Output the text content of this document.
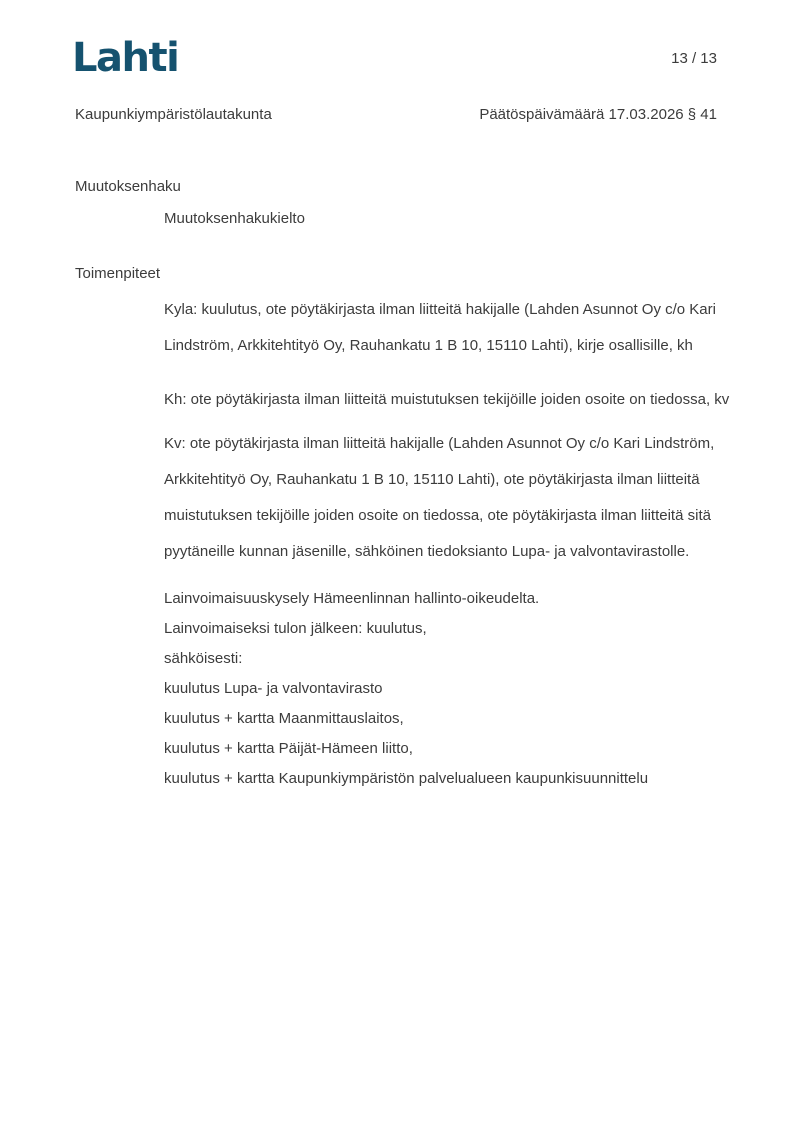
Lahti	13 / 13
Kaupunkiympäristölautakunta	Päätöspäivämäärä 17.03.2026 § 41
Muutoksenhaku
Muutoksenhakukielto
Toimenpiteet

Kyla: kuulutus, ote pöytäkirjasta ilman liitteitä hakijalle (Lahden Asunnot Oy c/o Kari Lindström, Arkkitehtityö Oy, Rauhankatu 1 B 10, 15110 Lahti), kirje osallisille, kh

Kh: ote pöytäkirjasta ilman liitteitä muistutuksen tekijöille joiden osoite on tiedossa, kv

Kv: ote pöytäkirjasta ilman liitteitä hakijalle (Lahden Asunnot Oy c/o Kari Lindström, Arkkitehtityö Oy, Rauhankatu 1 B 10, 15110 Lahti), ote pöytäkirjasta ilman liitteitä muistutuksen tekijöille joiden osoite on tiedossa, ote pöytäkirjasta ilman liitteitä sitä pyytäneille kunnan jäsenille, sähköinen tiedoksianto Lupa- ja valvontavirastolle.

Lainvoimaisuuskysely Hämeenlinnan hallinto-oikeudelta.
Lainvoimaiseksi tulon jälkeen: kuulutus,
sähköisesti:
kuulutus Lupa- ja valvontavirasto
kuulutus + kartta Maanmittauslaitos,
kuulutus + kartta Päijät-Hämeen liitto,
kuulutus + kartta Kaupunkiympäristön palvelualueen kaupunkisuunnittelu
